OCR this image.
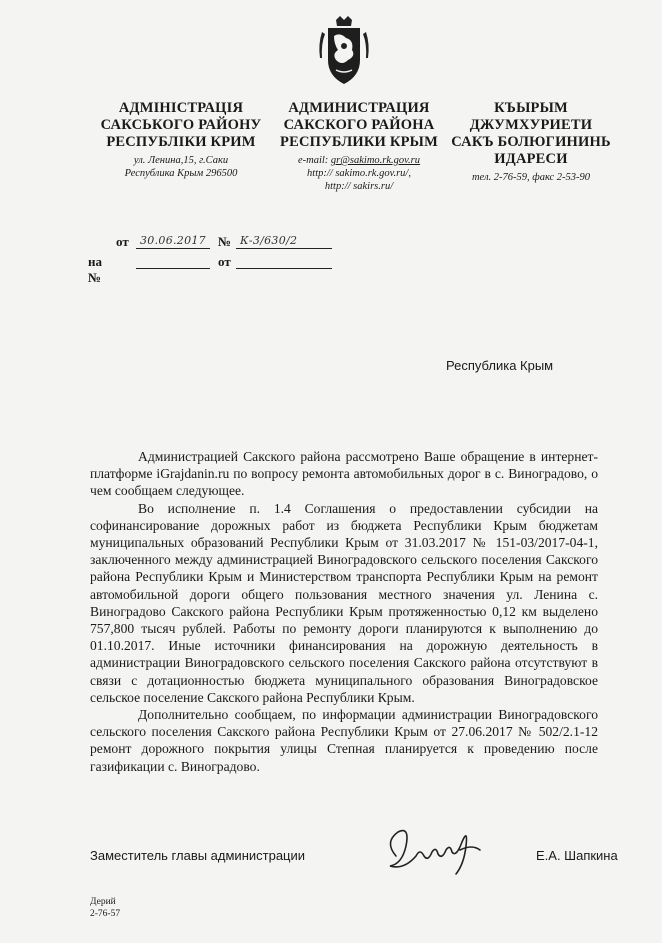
АДМІНІСТРАЦІЯ
САКСЬКОГО РАЙОНУ
РЕСПУБЛІКИ КРИМ
ул. Ленина,15, г.Саки
Республика Крым 296500
АДМИНИСТРАЦИЯ
САКСКОГО РАЙОНА
РЕСПУБЛИКИ КРЫМ
e-mail: gr@sakimo.rk.gov.ru
http:// sakimo.rk.gov.ru/,
http:// sakirs.ru/
КЪЫРЫМ ДЖУМХУРИЕТИ
САКЪ БОЛЮГИНИНЬ
ИДАРЕСИ
тел. 2-76-59, факс 2-53-90
от 30.06.2017 № К-3/630/2
на №
от
Республика Крым

Администрацией Сакского района рассмотрено Ваше обращение в интернет-платформе iGrajdanin.ru по вопросу ремонта автомобильных дорог в с. Виноградово, о чем сообщаем следующее.

Во исполнение п. 1.4 Соглашения о предоставлении субсидии на софинансирование дорожных работ из бюджета Республики Крым бюджетам муниципальных образований Республики Крым от 31.03.2017 № 151-03/2017-04-1, заключенного между администрацией Виноградовского сельского поселения Сакского района Республики Крым и Министерством транспорта Республики Крым на ремонт автомобильной дороги общего пользования местного значения ул. Ленина с. Виноградово Сакского района Республики Крым протяженностью 0,12 км выделено 757,800 тысяч рублей. Работы по ремонту дороги планируются к выполнению до 01.10.2017. Иные источники финансирования на дорожную деятельность в администрации Виноградовского сельского поселения Сакского района отсутствуют в связи с дотационностью бюджета муниципального образования Виноградовское сельское поселение Сакского района Республики Крым.

Дополнительно сообщаем, по информации администрации Виноградовского сельского поселения Сакского района Республики Крым от 27.06.2017 № 502/2.1-12 ремонт дорожного покрытия улицы Степная планируется к проведению после газификации с. Виноградово.

Заместитель главы администрации	Е.А. Шапкина
Дерий
2-76-57
